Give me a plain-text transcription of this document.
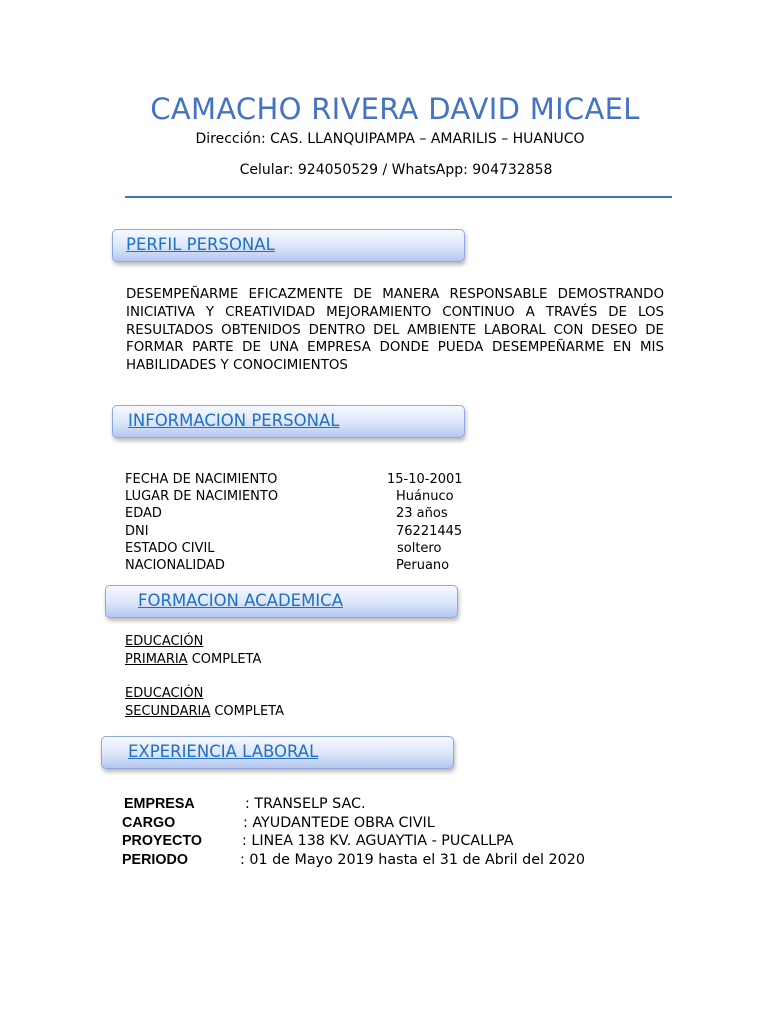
CAMACHO RIVERA DAVID MICAEL
Dirección: CAS. LLANQUIPAMPA – AMARILIS – HUANUCO
Celular: 924050529 / WhatsApp: 904732858
PERFIL PERSONAL
DESEMPEÑARME EFICAZMENTE DE MANERA RESPONSABLE DEMOSTRANDO INICIATIVA Y CREATIVIDAD MEJORAMIENTO CONTINUO A TRAVÉS DE LOS RESULTADOS OBTENIDOS DENTRO DEL AMBIENTE LABORAL CON DESEO DE FORMAR PARTE DE UNA EMPRESA DONDE PUEDA DESEMPEÑARME EN MIS HABILIDADES Y CONOCIMIENTOS
INFORMACION PERSONAL
FECHA DE NACIMIENTO	15-10-2001
LUGAR DE NACIMIENTO	Huánuco
EDAD	23 años
DNI	76221445
ESTADO CIVIL	soltero
NACIONALIDAD	Peruano
FORMACION ACADEMICA
EDUCACIÓN
PRIMARIA COMPLETA
EDUCACIÓN
SECUNDARIA COMPLETA
EXPERIENCIA LABORAL
EMPRESA	: TRANSELP SAC.
CARGO	: AYUDANTEDE OBRA CIVIL
PROYECTO	: LINEA 138 KV. AGUAYTIA - PUCALLPA
PERIODO	: 01 de Mayo 2019 hasta el 31 de Abril del 2020
